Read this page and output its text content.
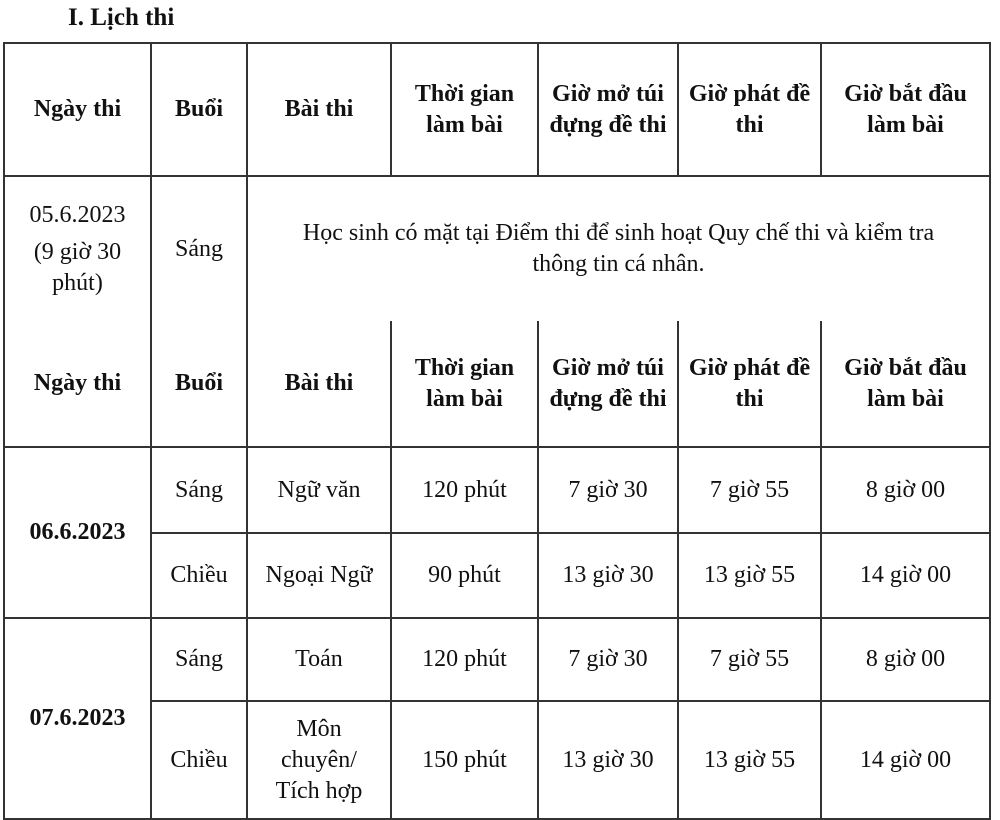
I. Lịch thi
Ngày thi	Buổi	Bài thi	Thời gian làm bài	Giờ mở túi đựng đề thi	Giờ phát đề thi	Giờ bắt đầu làm bài

05.6.2023
(9 giờ 30 phút)	Sáng	Học sinh có mặt tại Điểm thi để sinh hoạt Quy chế thi và kiểm tra thông tin cá nhân.				
Ngày thi	Buổi	Bài thi	Thời gian làm bài	Giờ mở túi đựng đề thi	Giờ phát đề thi	Giờ bắt đầu làm bài
06.6.2023	Sáng	Ngữ văn	120 phút	7 giờ 30	7 giờ 55	8 giờ 00
	Chiều	Ngoại Ngữ	90 phút	13 giờ 30	13 giờ 55	14 giờ 00
07.6.2023	Sáng	Toán	120 phút	7 giờ 30	7 giờ 55	8 giờ 00
	Chiều	Môn chuyên/ Tích hợp	150 phút	13 giờ 30	13 giờ 55	14 giờ 00
